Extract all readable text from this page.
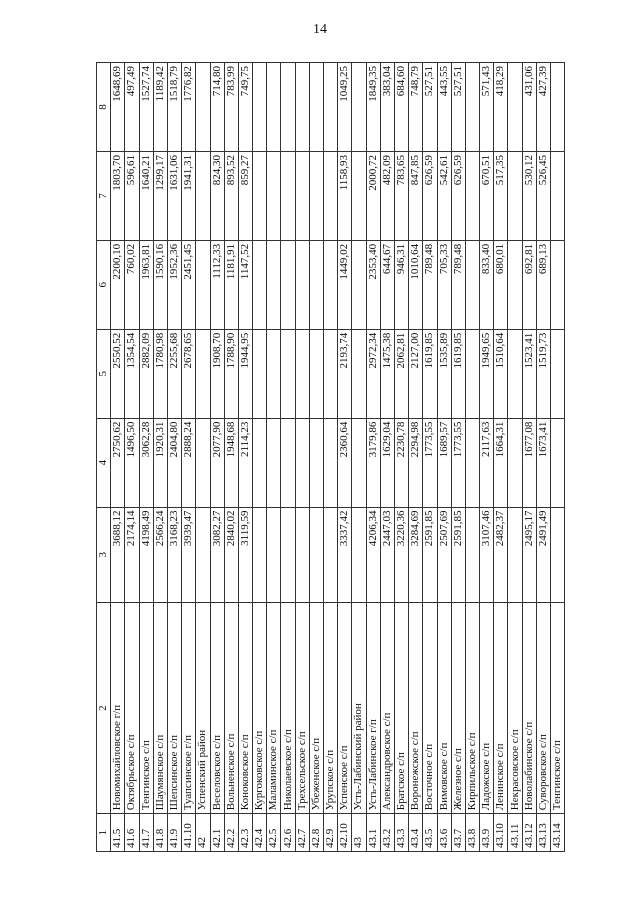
14
1	2	3	4	5	6	7	8
41.5	Новомихайловское г/п	3688,12	2750,62	2550,52	2200,10	1803,70	1648,69
41.6	Октябрьское с/п	2174,14	1496,50	1354,54	760,02	596,61	497,49
41.7	Тенгинское с/п	4198,49	3062,28	2882,09	1963,81	1640,21	1527,74
41.8	Шаумянское с/п	2566,24	1920,31	1780,98	1590,16	1299,17	1189,42
41.9	Шепсинское с/п	3168,23	2404,80	2255,68	1952,36	1631,06	1518,79
41.10	Туапсинское г/п	3939,47	2888,24	2678,65	2451,45	1941,31	1776,82
42	Успенский район						
42.1	Веселовское с/п	3082,27	2077,90	1908,70	1112,33	824,30	714,80
42.2	Вольненское с/п	2840,02	1948,68	1788,90	1181,91	893,52	783,99
42.3	Коноковское с/п	3119,59	2114,23	1944,95	1147,52	859,27	749,75
42.4	Кургоковское с/п						
42.5	Маламинское с/п						
42.6	Николаевское с/п						
42.7	Трехсельское с/п						
42.8	Убеженское с/п						
42.9	Урупское с/п						
42.10	Успенское с/п	3337,42	2360,64	2193,74	1449,02	1158,93	1049,25
43	Усть-Лабинский район						
43.1	Усть-Лабинское г/п	4206,34	3179,86	2972,34	2353,40	2000,72	1849,35
43.2	Александровское с/п	2447,03	1629,04	1475,38	644,67	482,09	383,04
43.3	Братское с/п	3220,36	2230,78	2062,81	946,31	783,65	684,60
43.4	Воронежское с/п	3284,69	2294,98	2127,00	1010,64	847,85	748,79
43.5	Восточное с/п	2591,85	1773,55	1619,85	789,48	626,59	527,51
43.6	Вимовское с/п	2507,69	1689,57	1535,89	705,33	542,61	443,55
43.7	Железное с/п	2591,85	1773,55	1619,85	789,48	626,59	527,51
43.8	Кирпильское с/п						
43.9	Ладожское с/п	3107,46	2117,63	1949,65	833,40	670,51	571,43
43.10	Ленинское с/п	2482,37	1664,31	1510,64	680,01	517,35	418,29
43.11	Некрасовское с/п						
43.12	Новолабинское с/п	2495,17	1677,08	1523,41	692,81	530,12	431,06
43.13	Суворовское с/п	2491,49	1673,41	1519,73	689,13	526,45	427,39
43.14	Тенгинское с/п						
